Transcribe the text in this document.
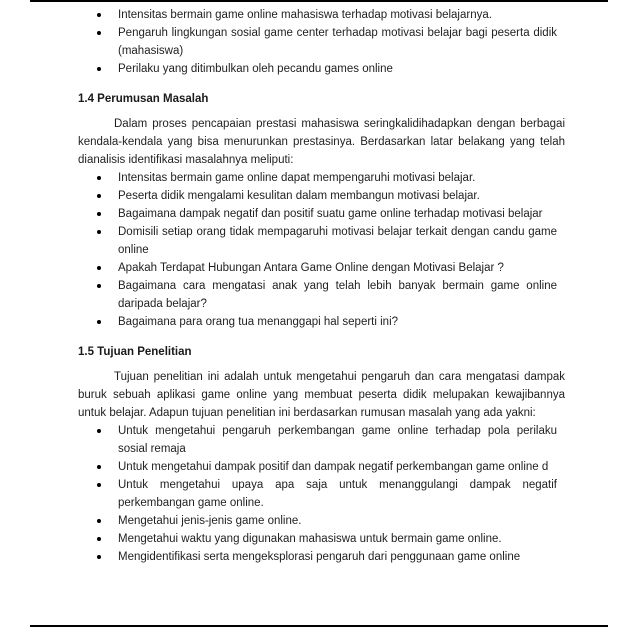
Intensitas bermain game online mahasiswa terhadap motivasi belajarnya.
Pengaruh lingkungan sosial game center terhadap motivasi belajar bagi peserta didik (mahasiswa)
Perilaku yang ditimbulkan oleh pecandu games online
1.4 Perumusan Masalah

Dalam proses pencapaian prestasi mahasiswa seringkalidihadapkan dengan berbagai kendala-kendala yang bisa menurunkan prestasinya. Berdasarkan latar belakang yang telah dianalisis identifikasi masalahnya meliputi:

Intensitas bermain game online dapat mempengaruhi motivasi belajar.
Peserta didik mengalami kesulitan dalam membangun motivasi belajar.
Bagaimana dampak negatif dan positif suatu game online terhadap motivasi belajar
Domisili setiap orang tidak mempagaruhi motivasi belajar terkait dengan candu game online
Apakah Terdapat Hubungan Antara Game Online dengan Motivasi Belajar ?
Bagaimana cara mengatasi anak yang telah lebih banyak bermain game online daripada belajar?
Bagaimana para orang tua menanggapi hal seperti ini?
1.5 Tujuan Penelitian

Tujuan penelitian ini adalah untuk mengetahui pengaruh dan cara mengatasi dampak buruk sebuah aplikasi game online yang membuat peserta didik melupakan kewajibannya untuk belajar. Adapun tujuan penelitian ini berdasarkan rumusan masalah yang ada yakni:

Untuk mengetahui pengaruh perkembangan game online terhadap pola perilaku sosial remaja
Untuk mengetahui dampak positif dan dampak negatif perkembangan game online d
Untuk mengetahui upaya apa saja untuk menanggulangi dampak negatif perkembangan game online.
Mengetahui jenis-jenis game online.
Mengetahui waktu yang digunakan mahasiswa untuk bermain game online.
Mengidentifikasi serta mengeksplorasi pengaruh dari penggunaan game online
